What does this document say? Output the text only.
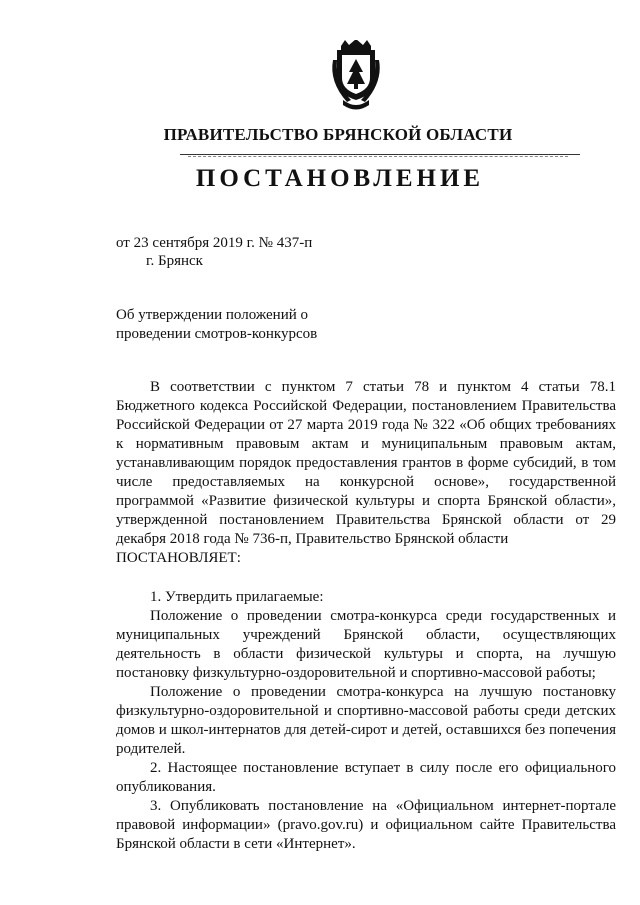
ПРАВИТЕЛЬСТВО БРЯНСКОЙ ОБЛАСТИ
ПОСТАНОВЛЕНИЕ
от 23 сентября 2019 г. № 437-п
г. Брянск
Об утверждении положений о проведении смотров-конкурсов

В соответствии с пунктом 7 статьи 78 и пунктом 4 статьи 78.1 Бюджетного кодекса Российской Федерации, постановлением Правительства Российской Федерации от 27 марта 2019 года № 322 «Об общих требованиях к нормативным правовым актам и муниципальным правовым актам, устанавливающим порядок предоставления грантов в форме субсидий, в том числе предоставляемых на конкурсной основе», государственной программой «Развитие физической культуры и спорта Брянской области», утвержденной постановлением Правительства Брянской области от 29 декабря 2018 года № 736-п, Правительство Брянской области

ПОСТАНОВЛЯЕТ:

1. Утвердить прилагаемые:

Положение о проведении смотра-конкурса среди государственных и муниципальных учреждений Брянской области, осуществляющих деятельность в области физической культуры и спорта, на лучшую постановку физкультурно-оздоровительной и спортивно-массовой работы;

Положение о проведении смотра-конкурса на лучшую постановку физкультурно-оздоровительной и спортивно-массовой работы среди детских домов и школ-интернатов для детей-сирот и детей, оставшихся без попечения родителей.

2. Настоящее постановление вступает в силу после его официального опубликования.

3. Опубликовать постановление на «Официальном интернет-портале правовой информации» (pravo.gov.ru) и официальном сайте Правительства Брянской области в сети «Интернет».
